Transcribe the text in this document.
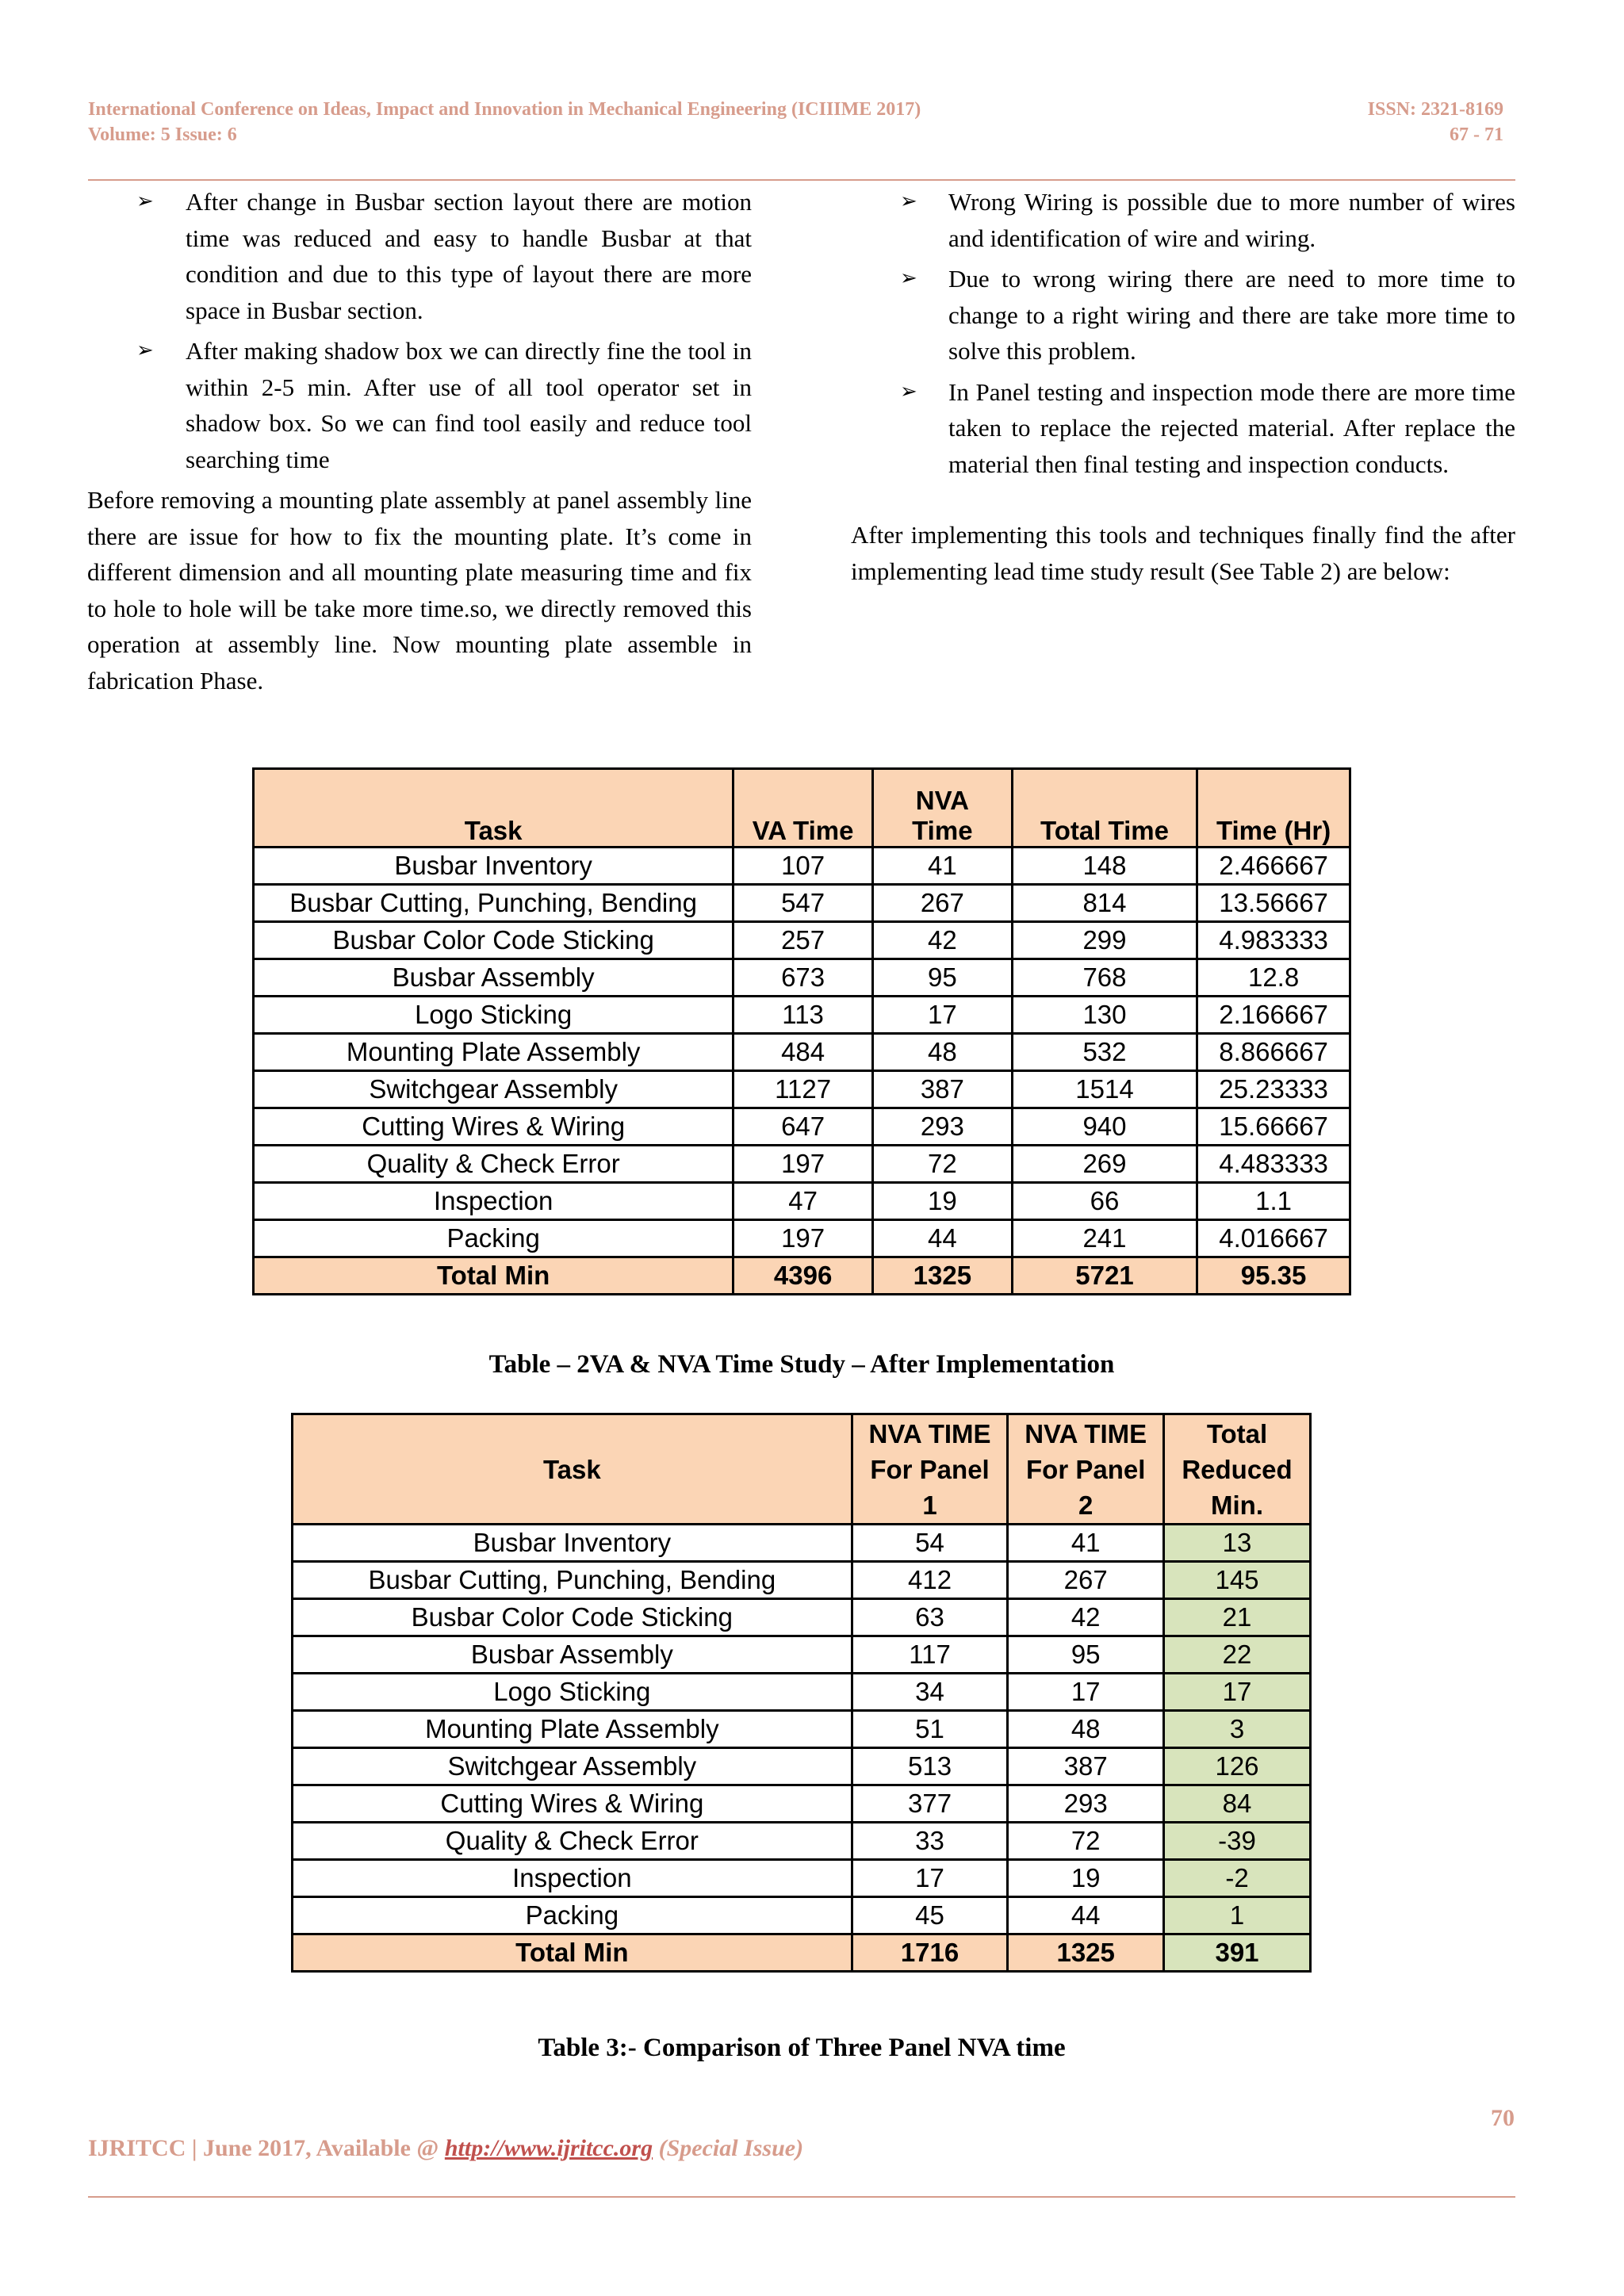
International Conference on Ideas, Impact and Innovation in Mechanical Engineering (ICIIIME 2017)
Volume: 5 Issue: 6
ISSN: 2321-8169
67 - 71
➢ After change in Busbar section layout there are motion time was reduced and easy to handle Busbar at that condition and due to this type of layout there are more space in Busbar section.
➢ After making shadow box we can directly fine the tool in within 2-5 min. After use of all tool operator set in shadow box. So we can find tool easily and reduce tool searching time

Before removing a mounting plate assembly at panel assembly line there are issue for how to fix the mounting plate. It’s come in different dimension and all mounting plate measuring time and fix to hole to hole will be take more time.so, we directly removed this operation at assembly line. Now mounting plate assemble in fabrication Phase.

➢ Wrong Wiring is possible due to more number of wires and identification of wire and wiring.
➢ Due to wrong wiring there are need to more time to change to a right wiring and there are take more time to solve this problem.
➢ In Panel testing and inspection mode there are more time taken to replace the rejected material. After replace the material then final testing and inspection conducts.

After implementing this tools and techniques finally find the after implementing lead time study result (See Table 2) are below:

Task	VA Time	NVA Time	Total Time	Time (Hr)
Busbar Inventory	107	41	148	2.466667
Busbar Cutting, Punching, Bending	547	267	814	13.56667
Busbar Color Code Sticking	257	42	299	4.983333
Busbar Assembly	673	95	768	12.8
Logo Sticking	113	17	130	2.166667
Mounting Plate Assembly	484	48	532	8.866667
Switchgear Assembly	1127	387	1514	25.23333
Cutting Wires & Wiring	647	293	940	15.66667
Quality & Check Error	197	72	269	4.483333
Inspection	47	19	66	1.1
Packing	197	44	241	4.016667
Total Min	4396	1325	5721	95.35
Table – 2VA & NVA Time Study – After Implementation
Task	NVA TIME For Panel 1	NVA TIME For Panel 2	Total Reduced Min.
Busbar Inventory	54	41	13
Busbar Cutting, Punching, Bending	412	267	145
Busbar Color Code Sticking	63	42	21
Busbar Assembly	117	95	22
Logo Sticking	34	17	17
Mounting Plate Assembly	51	48	3
Switchgear Assembly	513	387	126
Cutting Wires & Wiring	377	293	84
Quality & Check Error	33	72	-39
Inspection	17	19	-2
Packing	45	44	1
Total Min	1716	1325	391
Table 3:- Comparison of Three Panel NVA time
70
IJRITCC | June 2017, Available @ http://www.ijritcc.org (Special Issue)
